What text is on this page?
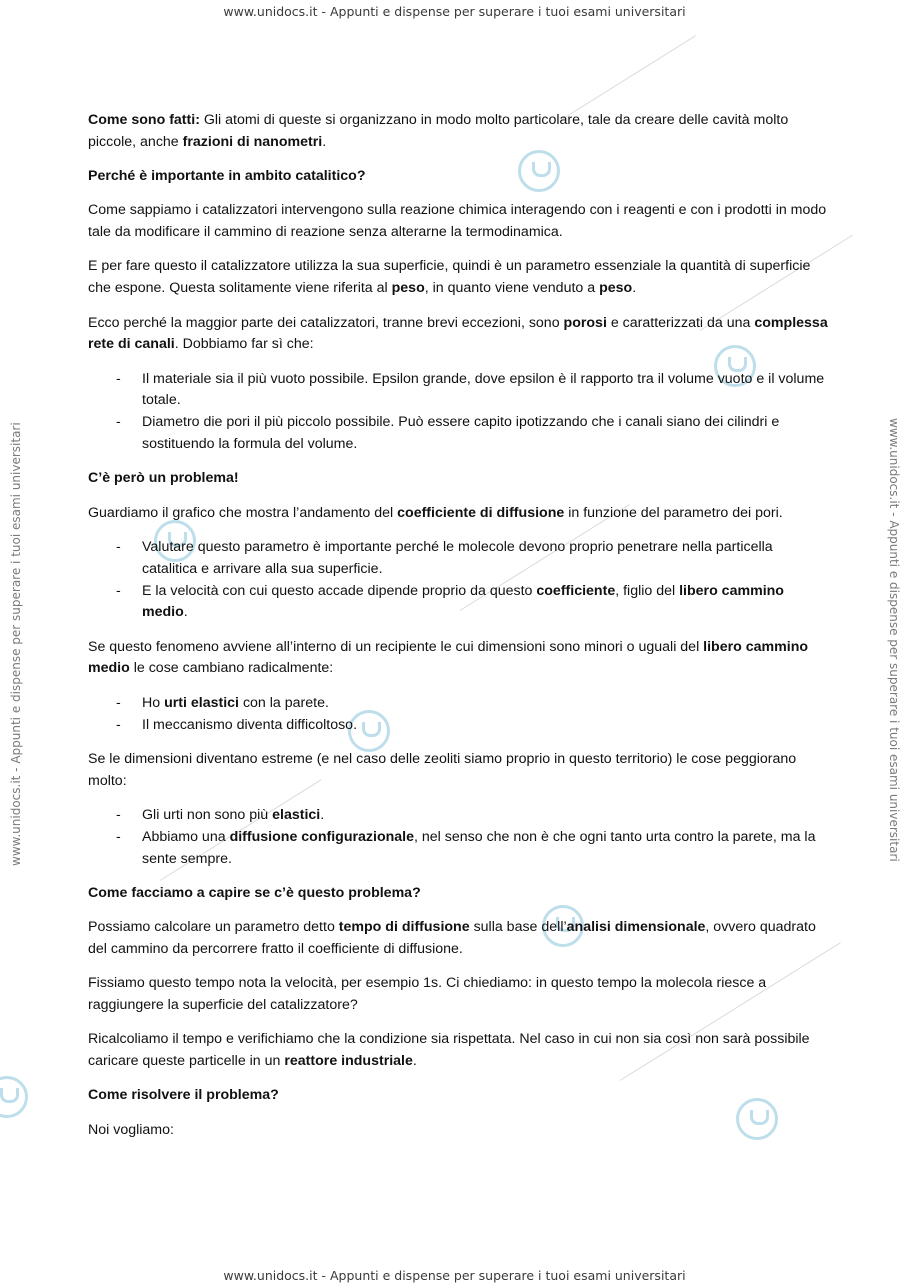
www.unidocs.it - Appunti e dispense per superare i tuoi esami universitari
www.unidocs.it - Appunti e dispense per superare i tuoi esami universitari
www.unidocs.it - Appunti e dispense per superare i tuoi esami universitari	www.unidocs.it - Appunti e dispense per superare i tuoi esami universitari

Come sono fatti: Gli atomi di queste si organizzano in modo molto particolare, tale da creare delle cavità molto piccole, anche frazioni di nanometri.

Perché è importante in ambito catalitico?

Come sappiamo i catalizzatori intervengono sulla reazione chimica interagendo con i reagenti e con i prodotti in modo tale da modificare il cammino di reazione senza alterarne la termodinamica.

E per fare questo il catalizzatore utilizza la sua superficie, quindi è un parametro essenziale la quantità di superficie che espone. Questa solitamente viene riferita al peso, in quanto viene venduto a peso.

Ecco perché la maggior parte dei catalizzatori, tranne brevi eccezioni, sono porosi e caratterizzati da una complessa rete di canali. Dobbiamo far sì che:

- Il materiale sia il più vuoto possibile. Epsilon grande, dove epsilon è il rapporto tra il volume vuoto e il volume totale.
- Diametro die pori il più piccolo possibile. Può essere capito ipotizzando che i canali siano dei cilindri e sostituendo la formula del volume.

C’è però un problema!

Guardiamo il grafico che mostra l’andamento del coefficiente di diffusione in funzione del parametro dei pori.

- Valutare questo parametro è importante perché le molecole devono proprio penetrare nella particella catalitica e arrivare alla sua superficie.
- E la velocità con cui questo accade dipende proprio da questo coefficiente, figlio del libero cammino medio.

Se questo fenomeno avviene all’interno di un recipiente le cui dimensioni sono minori o uguali del libero cammino medio le cose cambiano radicalmente:

- Ho urti elastici con la parete.
- Il meccanismo diventa difficoltoso.

Se le dimensioni diventano estreme (e nel caso delle zeoliti siamo proprio in questo territorio) le cose peggiorano molto:

- Gli urti non sono più elastici.
- Abbiamo una diffusione configurazionale, nel senso che non è che ogni tanto urta contro la parete, ma la sente sempre.

Come facciamo a capire se c’è questo problema?

Possiamo calcolare un parametro detto tempo di diffusione sulla base dell’analisi dimensionale, ovvero quadrato del cammino da percorrere fratto il coefficiente di diffusione.

Fissiamo questo tempo nota la velocità, per esempio 1s. Ci chiediamo: in questo tempo la molecola riesce a raggiungere la superficie del catalizzatore?

Ricalcoliamo il tempo e verifichiamo che la condizione sia rispettata. Nel caso in cui non sia così non sarà possibile caricare queste particelle in un reattore industriale.

Come risolvere il problema?

Noi vogliamo:
